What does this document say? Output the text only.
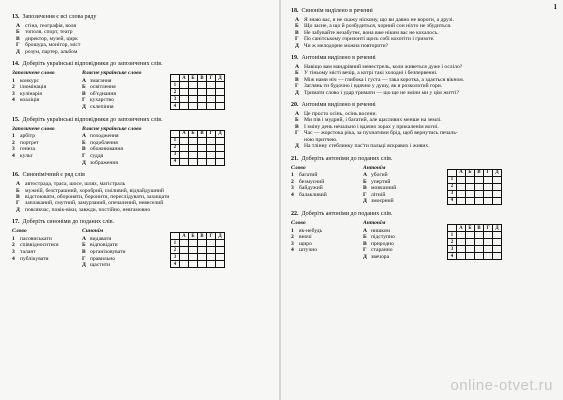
13. Запозичення є всі слова ряду
А стіна, географія, воля
Б тополя, спорт, театр
В директор, музей, цирк
Г брошура, монітор, міст
Д розум, партер, альбом
14. Доберіть українські відповідники до запозичених слів.
Запозичене слово
1 конкурс
2 ілюмінація
3 кулінарія
4 коаліція
Власне українське слово
А змагання
Б освітлення
В об'єднання
Г кухарство
Д склепіння
	А	Б	В	Г	Д
1					
2					
3					
4					
15. Доберіть українські відповідники до запозичених слів.
Запозичене слово
1 арбітр
2 портрет
3 генеза
4 культ
Власне українське слово
А походження
Б подоблення
В обожнювання
Г суддя
Д зображення
	А	Б	В	Г	Д
1					
2					
3					
4					
16. Синонімічний є ряд слів
А автострада, траса, шосе, шлях, магістраль
Б мужній, безстрашний, хоробрий, сміливий, відчайдушний
В відстоювати, обороняти, боронити, переслідувати, захищати
Г заплаканий, смутний, замурзаний, опечалений, невеселий
Д повсякчас, повік-віки, завжди, постійно, невгамовно
17. Доберіть синоніми до поданих слів.
Слово
1 пасовиськати
2 співвідноситися
3 талант
4 публікувати
Синонім
А видавати
Б відповідати
В організовувати
Г правильно
Д щастити
	А	Б	В	Г	Д
1					
2					
3					
4					
1
18. Синонім виділено в реченні
А Я знаю вас, я не скажу ніскому, що ви давно не вороги, а друзі.
Б Що засне, а що й розбудиться, чорний сон ніхто не збудиться.
В Не забувайте незабутнє, вона вже ніким вас не кохалось.
Г По санітському горизонті щось собі кохотіти і гризоте.
Д Чи ж мелодорне можна повторити?
19. Антоніми виділено в реченні
А Навіщо вам мандрівний менестрель, коли живеться дуже і осліло?
Б У тiньому місті вечір, а котрі такі холодні і безпервенні.
В Між нами ніч — глибока і густа — така коротка, а здається вікном.
Г Заглянь ти будочно і вдячно у душу, як я розколотий гори.
Д Тримати слово і удар тримати — що ще не зміни ми у цім житті?
20. Антоніми виділено в реченні
А Це просто осінь, осінь восени.
Б Ми пів і мудрий, і багатий, але щасливих менше на землі.
В І зміну день нечально і вдачно зорах у прикаленім вогні.
Г Час — жорстока ріка, за пухнатими брід, щоб вернутись печаль-
ною притчею.
Д На тлінну стеблинку пас'ти пальці яскравих і живих.
21. Доберіть антоніми до поданих слів.
Слово
1 багатий
2 безмусний
3 байдужий
4 балакливий
Антонім
А убогий
Б упертий
В мовчазний
Г літній
Д змоєрний
	А	Б	В	Г	Д
1					
2					
3					
4					
22. Доберіть антоніми до поданих слів.
Слово
1 як-небудь
2 вночі
3 щиро
4 штучно
Антонім
А нишком
Б підступно
В природно
Г старанно
Д звечора
	А	Б	В	Г	Д
1					
2					
3					
4					
online-otvet.ru
